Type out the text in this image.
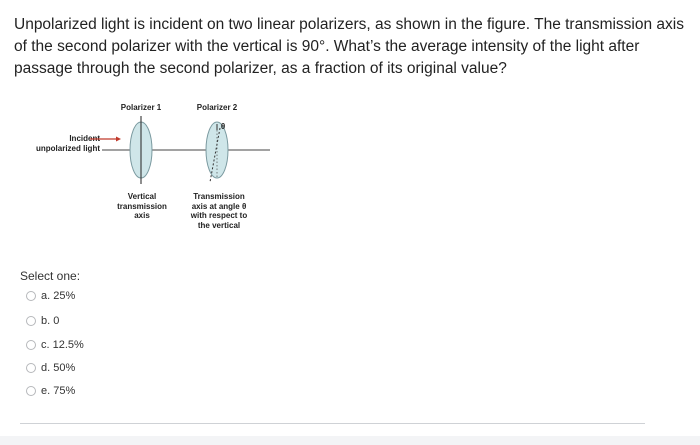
Unpolarized light is incident on two linear polarizers, as shown in the figure. The transmission axis of the second polarizer with the vertical is 90°. What’s the average intensity of the light after passage through the second polarizer, as a fraction of its original value?
Polarizer 1	Polarizer 2
Incident
unpolarized light
θ
Vertical
transmission
axis
Transmission
axis at angle θ
with respect to
the vertical
Select one:
a. 25%
b. 0
c. 12.5%
d. 50%
e. 75%
